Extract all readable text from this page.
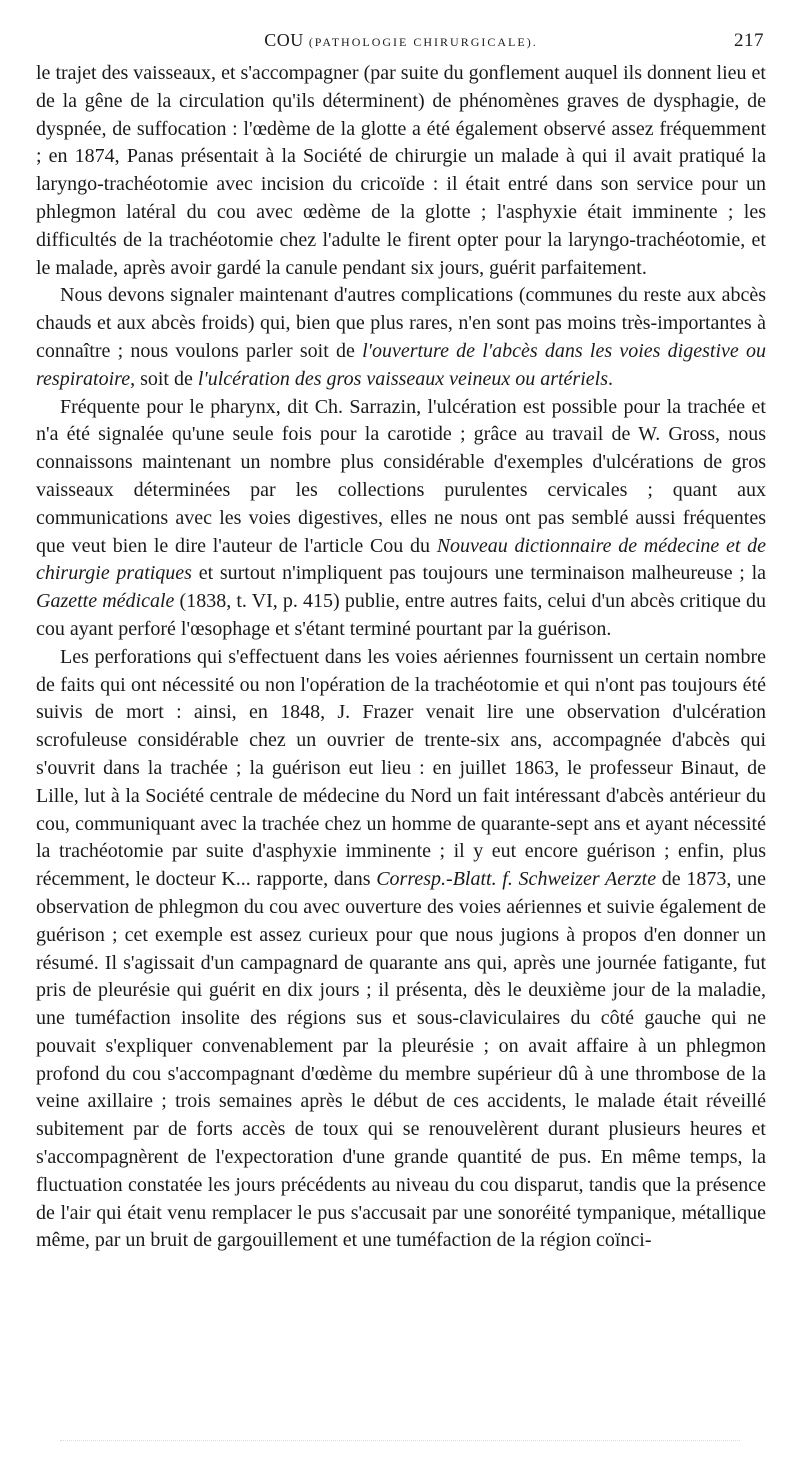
COU (PATHOLOGIE CHIRURGICALE).	217

le trajet des vaisseaux, et s'accompagner (par suite du gonflement auquel ils donnent lieu et de la gêne de la circulation qu'ils déterminent) de phénomènes graves de dysphagie, de dyspnée, de suffocation : l'œdème de la glotte a été également observé assez fréquemment ; en 1874, Panas présentait à la Société de chirurgie un malade à qui il avait pratiqué la laryngo-trachéotomie avec incision du cricoïde : il était entré dans son service pour un phlegmon latéral du cou avec œdème de la glotte ; l'asphyxie était imminente ; les difficultés de la trachéotomie chez l'adulte le firent opter pour la laryngo-trachéotomie, et le malade, après avoir gardé la canule pendant six jours, guérit parfaitement.

Nous devons signaler maintenant d'autres complications (communes du reste aux abcès chauds et aux abcès froids) qui, bien que plus rares, n'en sont pas moins très-importantes à connaître ; nous voulons parler soit de l'ouverture de l'abcès dans les voies digestive ou respiratoire, soit de l'ulcération des gros vaisseaux veineux ou artériels.

Fréquente pour le pharynx, dit Ch. Sarrazin, l'ulcération est possible pour la trachée et n'a été signalée qu'une seule fois pour la carotide ; grâce au travail de W. Gross, nous connaissons maintenant un nombre plus considérable d'exemples d'ulcérations de gros vaisseaux déterminées par les collections purulentes cervicales ; quant aux communications avec les voies digestives, elles ne nous ont pas semblé aussi fréquentes que veut bien le dire l'auteur de l'article Cou du Nouveau dictionnaire de médecine et de chirurgie pratiques et surtout n'impliquent pas toujours une terminaison malheureuse ; la Gazette médicale (1838, t. VI, p. 415) publie, entre autres faits, celui d'un abcès critique du cou ayant perforé l'œsophage et s'étant terminé pourtant par la guérison.

Les perforations qui s'effectuent dans les voies aériennes fournissent un certain nombre de faits qui ont nécessité ou non l'opération de la trachéotomie et qui n'ont pas toujours été suivis de mort : ainsi, en 1848, J. Frazer venait lire une observation d'ulcération scrofuleuse considérable chez un ouvrier de trente-six ans, accompagnée d'abcès qui s'ouvrit dans la trachée ; la guérison eut lieu : en juillet 1863, le professeur Binaut, de Lille, lut à la Société centrale de médecine du Nord un fait intéressant d'abcès antérieur du cou, communiquant avec la trachée chez un homme de quarante-sept ans et ayant nécessité la trachéotomie par suite d'asphyxie imminente ; il y eut encore guérison ; enfin, plus récemment, le docteur K... rapporte, dans Corresp.-Blatt. f. Schweizer Aerzte de 1873, une observation de phlegmon du cou avec ouverture des voies aériennes et suivie également de guérison ; cet exemple est assez curieux pour que nous jugions à propos d'en donner un résumé. Il s'agissait d'un campagnard de quarante ans qui, après une journée fatigante, fut pris de pleurésie qui guérit en dix jours ; il présenta, dès le deuxième jour de la maladie, une tuméfaction insolite des régions sus et sous-claviculaires du côté gauche qui ne pouvait s'expliquer convenablement par la pleurésie ; on avait affaire à un phlegmon profond du cou s'accompagnant d'œdème du membre supérieur dû à une thrombose de la veine axillaire ; trois semaines après le début de ces accidents, le malade était réveillé subitement par de forts accès de toux qui se renouvelèrent durant plusieurs heures et s'accompagnèrent de l'expectoration d'une grande quantité de pus. En même temps, la fluctuation constatée les jours précédents au niveau du cou disparut, tandis que la présence de l'air qui était venu remplacer le pus s'accusait par une sonoréité tympanique, métallique même, par un bruit de gargouillement et une tuméfaction de la région coïnci-
